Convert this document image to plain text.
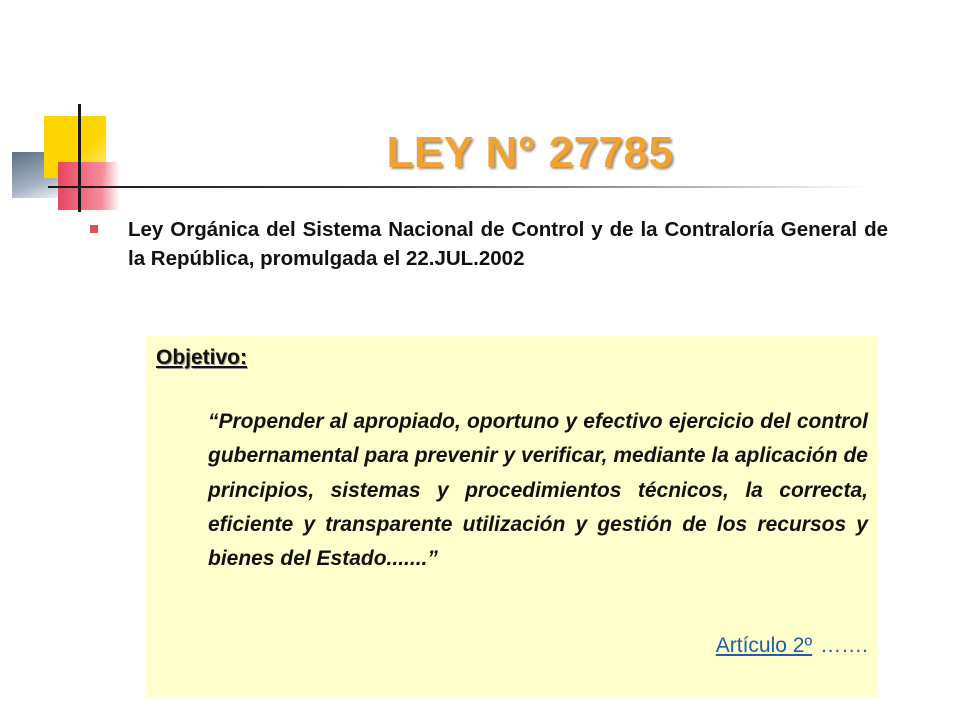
LEY N° 27785

Ley Orgánica del Sistema Nacional de Control y de la Contraloría General de la República, promulgada el 22.JUL.2002

Objetivo:

“Propender al apropiado, oportuno y efectivo ejercicio del control gubernamental para prevenir y verificar, mediante la aplicación de principios, sistemas y procedimientos técnicos, la correcta, eficiente y transparente utilización y gestión de los recursos y bienes del Estado.......”

Artículo 2º …….
